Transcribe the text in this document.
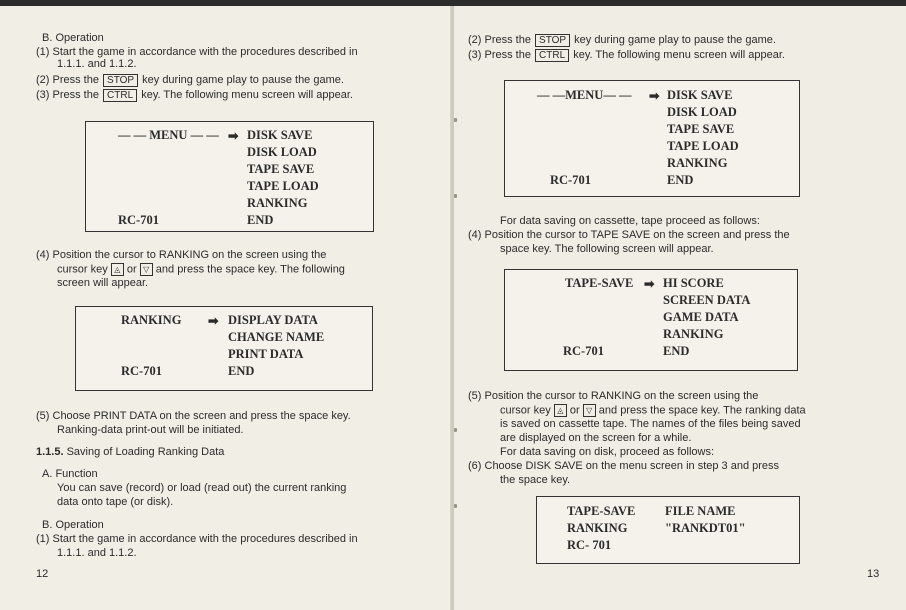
B. Operation
(1) Start the game in accordance with the procedures described in
1.1.1. and 1.1.2.
(2) Press the STOP key during game play to pause the game.
(3) Press the CTRL key. The following menu screen will appear.
— — MENU — — ➡ DISK SAVE
DISK LOAD
TAPE SAVE
TAPE LOAD
RANKING
RC-701	END
(4) Position the cursor to RANKING on the screen using the
cursor key ◬ or ▽ and press the space key. The following
screen will appear.
RANKING ➡ DISPLAY DATA
CHANGE NAME
PRINT DATA
RC-701	END
(5) Choose PRINT DATA on the screen and press the space key.
Ranking-data print-out will be initiated.
1.1.5. Saving of Loading Ranking Data
A. Function
You can save (record) or load (read out) the current ranking
data onto tape (or disk).
B. Operation
(1) Start the game in accordance with the procedures described in
1.1.1. and 1.1.2.
12
(2) Press the STOP key during game play to pause the game.
(3) Press the CTRL key. The following menu screen will appear.
— —MENU— — ➡ DISK SAVE
DISK LOAD
TAPE SAVE
TAPE LOAD
RANKING
RC-701	END
For data saving on cassette, tape proceed as follows:
(4) Position the cursor to TAPE SAVE on the screen and press the
space key. The following screen will appear.
TAPE-SAVE ➡ HI SCORE
SCREEN DATA
GAME DATA
RANKING
RC-701	END
(5) Position the cursor to RANKING on the screen using the
cursor key ◬ or ▽ and press the space key. The ranking data
is saved on cassette tape. The names of the files being saved
are displayed on the screen for a while.
For data saving on disk, proceed as follows:
(6) Choose DISK SAVE on the menu screen in step 3 and press
the space key.
TAPE-SAVE FILE NAME
RANKING	"RANKDT01"
RC- 701
13
